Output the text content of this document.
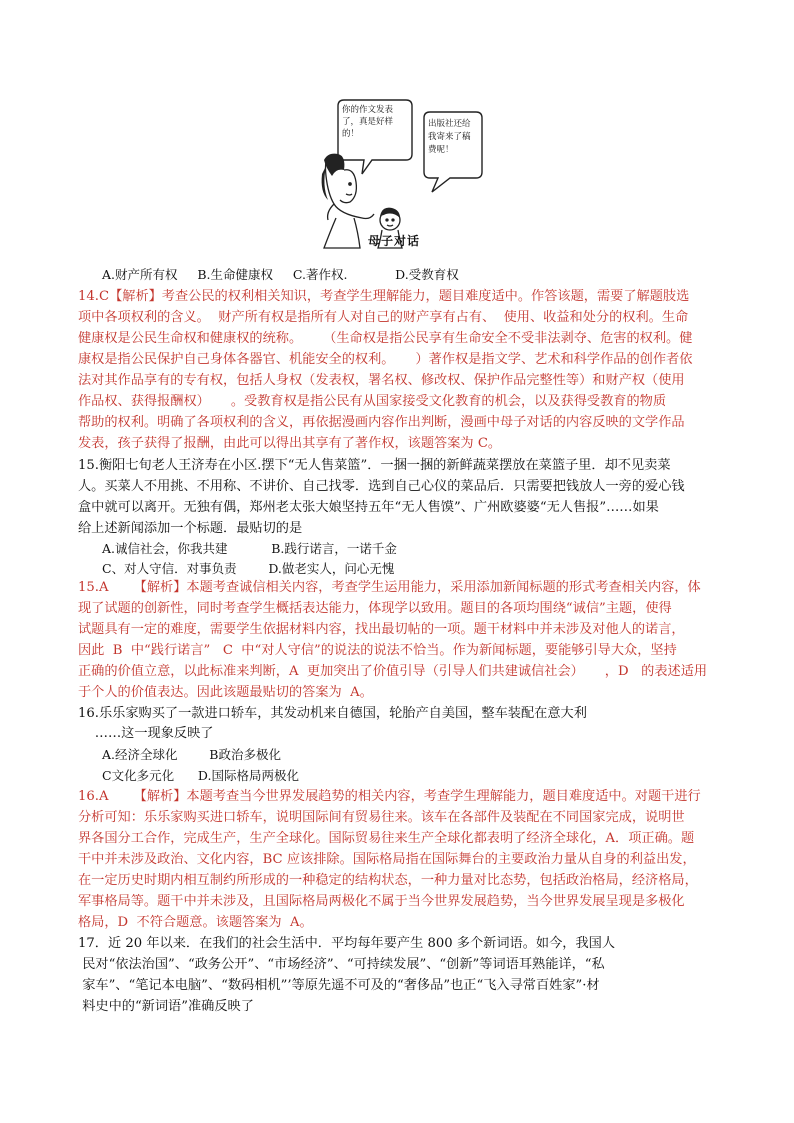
你的作文发表了，真是好样的！
出版社还给我寄来了稿费呢！
母子对话
A.财产所有权     B.生命健康权     C.著作权.            D.受教育权
14.C【解析】考查公民的权利相关知识，考查学生理解能力，题目难度适中。作答该题，需要了解题肢选
项中各项权利的含义。  财产所有权是指所有人对自己的财产享有占有、  使用、收益和处分的权利。生命
健康权是公民生命权和健康权的统称。     （生命权是指公民享有生命安全不受非法剥夺、危害的权利。健
康权是指公民保护自己身体各器官、机能安全的权利。     ）著作权是指文学、艺术和科学作品的创作者依
法对其作品享有的专有权，包括人身权（发表权，署名权、修改权、保护作品完整性等）和财产权（使用
作品权、获得报酬权）     。受教育权是指公民有从国家接受文化教育的机会，以及获得受教育的物质
帮助的权利。明确了各项权利的含义，再依据漫画内容作出判断，漫画中母子对话的内容反映的文学作品
发表，孩子获得了报酬，由此可以得出其享有了著作权，该题答案为 C。
15.衡阳七旬老人王济寿在小区.摆下“无人售菜篮”．一捆一捆的新鲜蔬菜摆放在菜篮子里．却不见卖菜
人。买菜人不用挑、不用称、不讲价、自己找零．选到自己心仪的菜品后．只需要把钱放人一旁的爱心钱
盒中就可以离开。无独有偶，郑州老太张大娘坚持五年“无人售馍”、广州欧婆婆“无人售报”……如果
给上述新闻添加一个标题．最贴切的是
A.诚信社会，你我共建           B.践行诺言，一诺千金
C、对人守信．对事负责        D.做老实人，问心无愧
15.A      【解析】本题考查诚信相关内容，考查学生运用能力，采用添加新闻标题的形式考查相关内容，体
现了试题的创新性，同时考查学生概括表达能力，体现学以致用。题目的各项均围绕“诚信”主题，使得
试题具有一定的难度，需要学生依据材料内容，找出最切帖的一项。题干材料中并未涉及对他人的诺言，
因此  B  中“践行诺言”   C  中“对人守信”的说法的说法不恰当。作为新闻标题，要能够引导大众，坚持
正确的价值立意，以此标准来判断，A  更加突出了价值引导（引导人们共建诚信社会）     ，D   的表述适用
于个人的价值表达。因此该题最贴切的答案为  A。
16.乐乐家购买了一款进口轿车，其发动机来自德国，轮胎产自美国，整车装配在意大利
……这一现象反映了
A.经济全球化        B政治多极化
C文化多元化      D.国际格局两极化
16.A      【解析】本题考查当今世界发展趋势的相关内容，考查学生理解能力，题目难度适中。对题干进行
分析可知：乐乐家购买进口轿车，说明国际间有贸易往来。该车在各部件及装配在不同国家完成，说明世
界各国分工合作，完成生产，生产全球化。国际贸易往来生产全球化都表明了经济全球化，A．项正确。题
干中并未涉及政治、文化内容，BC 应该排除。国际格局指在国际舞台的主要政治力量从自身的利益出发，
在一定历史时期内相互制约所形成的一种稳定的结构状态，一种力量对比态势，包括政治格局，经济格局，
军事格局等。题干中并未涉及，且国际格局两极化不属于当今世界发展趋势，当今世界发展呈现是多极化
格局，D  不符合题意。该题答案为  A。
17．近 20 年以来．在我们的社会生活中．平均每年要产生 800 多个新词语。如今，我国人
民对“依法治国”、“政务公开”、“市场经济”、“可持续发展”、“创新”等词语耳熟能详，“私
家车”、“笔记本电脑”、“数码相机”’等原先遥不可及的“奢侈品”也正“飞入寻常百姓家”·材
料史中的“新词语”准确反映了
